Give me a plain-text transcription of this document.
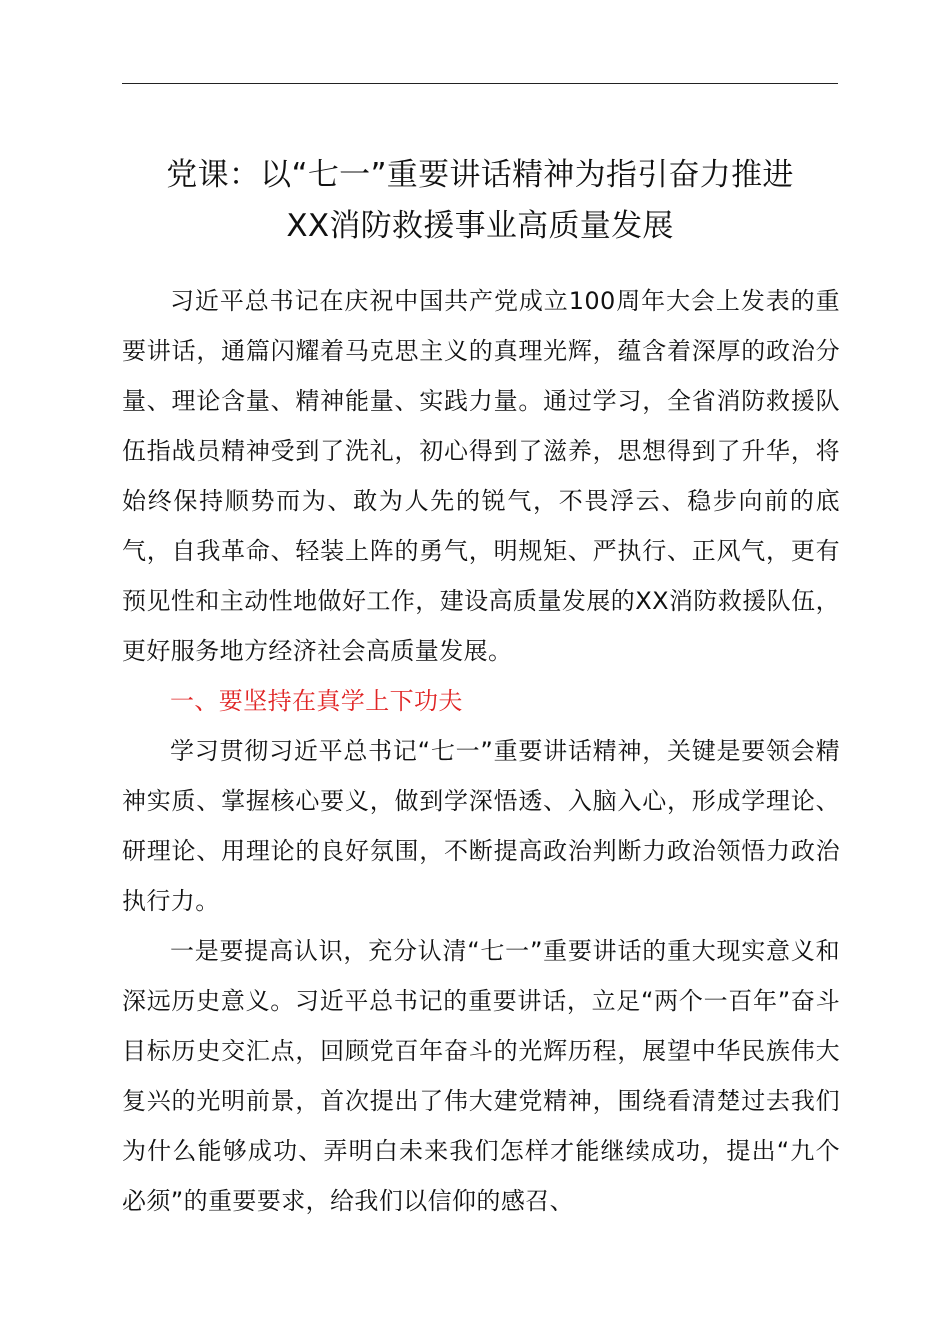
党课：以“七一”重要讲话精神为指引奋力推进
XX消防救援事业高质量发展

习近平总书记在庆祝中国共产党成立100周年大会上发表的重要讲话，通篇闪耀着马克思主义的真理光辉，蕴含着深厚的政治分量、理论含量、精神能量、实践力量。通过学习，全省消防救援队伍指战员精神受到了洗礼，初心得到了滋养，思想得到了升华，将始终保持顺势而为、敢为人先的锐气，不畏浮云、稳步向前的底气，自我革命、轻装上阵的勇气，明规矩、严执行、正风气，更有预见性和主动性地做好工作，建设高质量发展的XX消防救援队伍，更好服务地方经济社会高质量发展。

一、要坚持在真学上下功夫

学习贯彻习近平总书记“七一”重要讲话精神，关键是要领会精神实质、掌握核心要义，做到学深悟透、入脑入心，形成学理论、研理论、用理论的良好氛围，不断提高政治判断力政治领悟力政治执行力。

一是要提高认识，充分认清“七一”重要讲话的重大现实意义和深远历史意义。习近平总书记的重要讲话，立足“两个一百年”奋斗目标历史交汇点，回顾党百年奋斗的光辉历程，展望中华民族伟大复兴的光明前景，首次提出了伟大建党精神，围绕看清楚过去我们为什么能够成功、弄明白未来我们怎样才能继续成功，提出“九个必须”的重要要求，给我们以信仰的感召、
